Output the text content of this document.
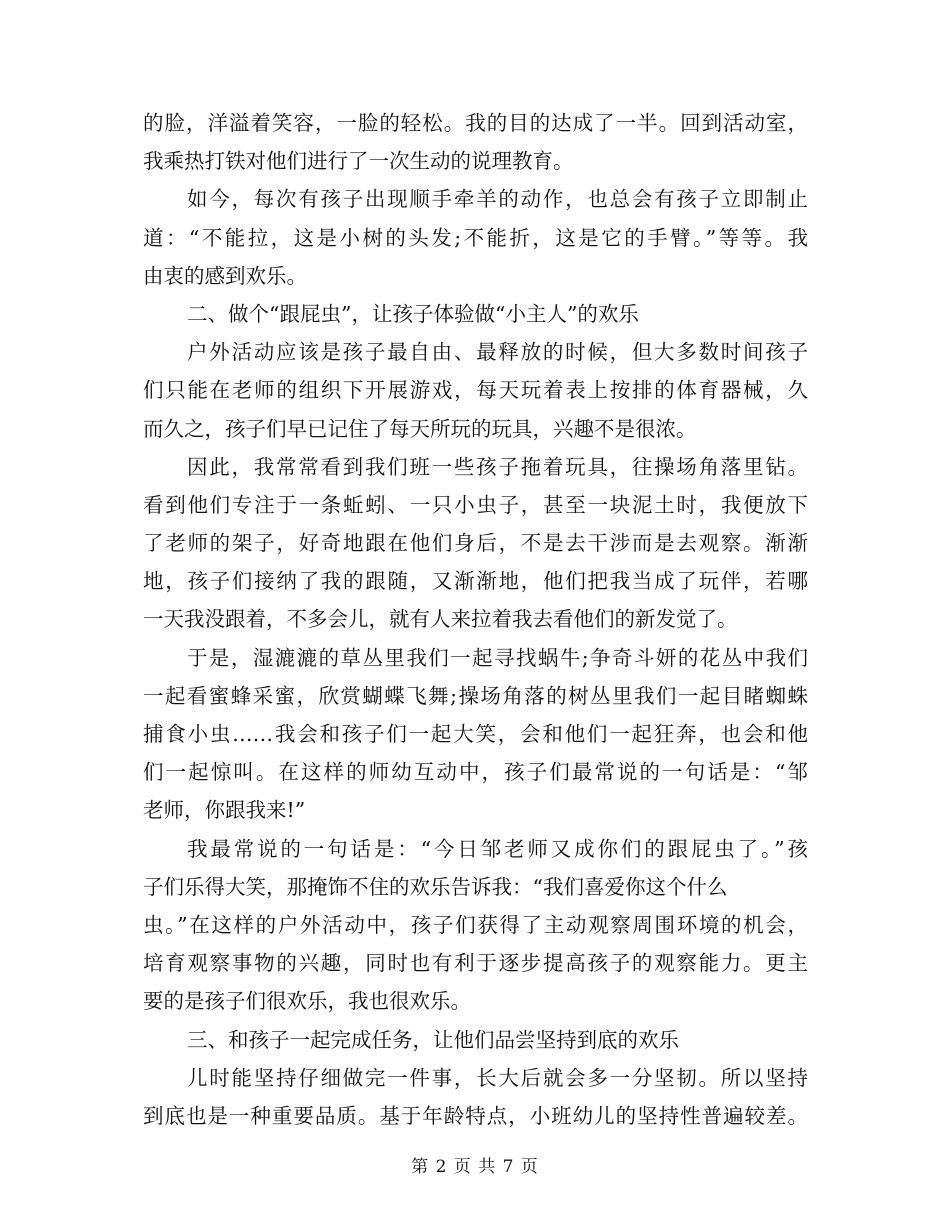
的脸，洋溢着笑容，一脸的轻松。我的目的达成了一半。回到活动室，
我乘热打铁对他们进行了一次生动的说理教育。
如今，每次有孩子出现顺手牵羊的动作，也总会有孩子立即制止
道：“不能拉，这是小树的头发;不能折，这是它的手臂。”等等。我
由衷的感到欢乐。
二、做个“跟屁虫”，让孩子体验做“小主人”的欢乐
户外活动应该是孩子最自由、最释放的时候，但大多数时间孩子
们只能在老师的组织下开展游戏，每天玩着表上按排的体育器械，久
而久之，孩子们早已记住了每天所玩的玩具，兴趣不是很浓。
因此，我常常看到我们班一些孩子拖着玩具，往操场角落里钻。
看到他们专注于一条蚯蚓、一只小虫子，甚至一块泥土时，我便放下
了老师的架子，好奇地跟在他们身后，不是去干涉而是去观察。渐渐
地，孩子们接纳了我的跟随，又渐渐地，他们把我当成了玩伴，若哪
一天我没跟着，不多会儿，就有人来拉着我去看他们的新发觉了。
于是，湿漉漉的草丛里我们一起寻找蜗牛;争奇斗妍的花丛中我们
一起看蜜蜂采蜜，欣赏蝴蝶飞舞;操场角落的树丛里我们一起目睹蜘蛛
捕食小虫……我会和孩子们一起大笑，会和他们一起狂奔，也会和他
们一起惊叫。在这样的师幼互动中，孩子们最常说的一句话是：“邹
老师，你跟我来!”
我最常说的一句话是：“今日邹老师又成你们的跟屁虫了。”孩
子们乐得大笑，那掩饰不住的欢乐告诉我：“我们喜爱你这个什么
虫。”在这样的户外活动中，孩子们获得了主动观察周围环境的机会，
培育观察事物的兴趣，同时也有利于逐步提高孩子的观察能力。更主
要的是孩子们很欢乐，我也很欢乐。
三、和孩子一起完成任务，让他们品尝坚持到底的欢乐
儿时能坚持仔细做完一件事，长大后就会多一分坚韧。所以坚持
到底也是一种重要品质。基于年龄特点，小班幼儿的坚持性普遍较差。
第 2 页 共 7 页
